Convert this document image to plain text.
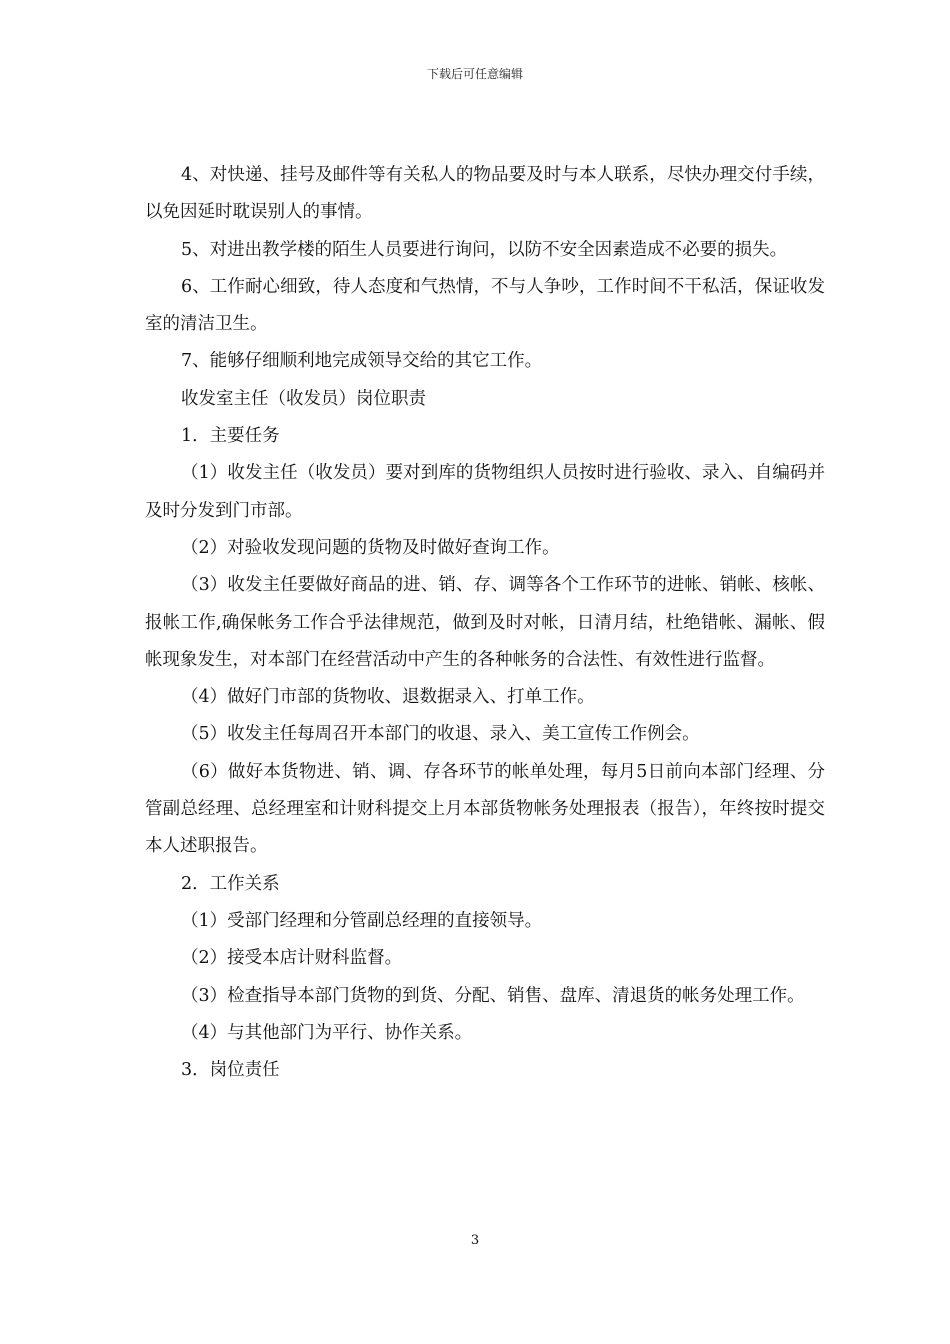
下载后可任意编辑

4、对快递、挂号及邮件等有关私人的物品要及时与本人联系，尽快办理交付手续，以免因延时耽误别人的事情。

5、对进出教学楼的陌生人员要进行询问，以防不安全因素造成不必要的损失。

6、工作耐心细致，待人态度和气热情，不与人争吵，工作时间不干私活，保证收发室的清洁卫生。

7、能够仔细顺利地完成领导交给的其它工作。

收发室主任（收发员）岗位职责

1．主要任务

（1）收发主任（收发员）要对到库的货物组织人员按时进行验收、录入、自编码并及时分发到门市部。

（2）对验收发现问题的货物及时做好查询工作。

（3）收发主任要做好商品的进、销、存、调等各个工作环节的进帐、销帐、核帐、报帐工作,确保帐务工作合乎法律规范，做到及时对帐，日清月结，杜绝错帐、漏帐、假帐现象发生，对本部门在经营活动中产生的各种帐务的合法性、有效性进行监督。

（4）做好门市部的货物收、退数据录入、打单工作。

（5）收发主任每周召开本部门的收退、录入、美工宣传工作例会。

（6）做好本货物进、销、调、存各环节的帐单处理，每月5日前向本部门经理、分管副总经理、总经理室和计财科提交上月本部货物帐务处理报表（报告），年终按时提交本人述职报告。

2．工作关系

（1）受部门经理和分管副总经理的直接领导。

（2）接受本店计财科监督。

（3）检查指导本部门货物的到货、分配、销售、盘库、清退货的帐务处理工作。

（4）与其他部门为平行、协作关系。

3．岗位责任

3
